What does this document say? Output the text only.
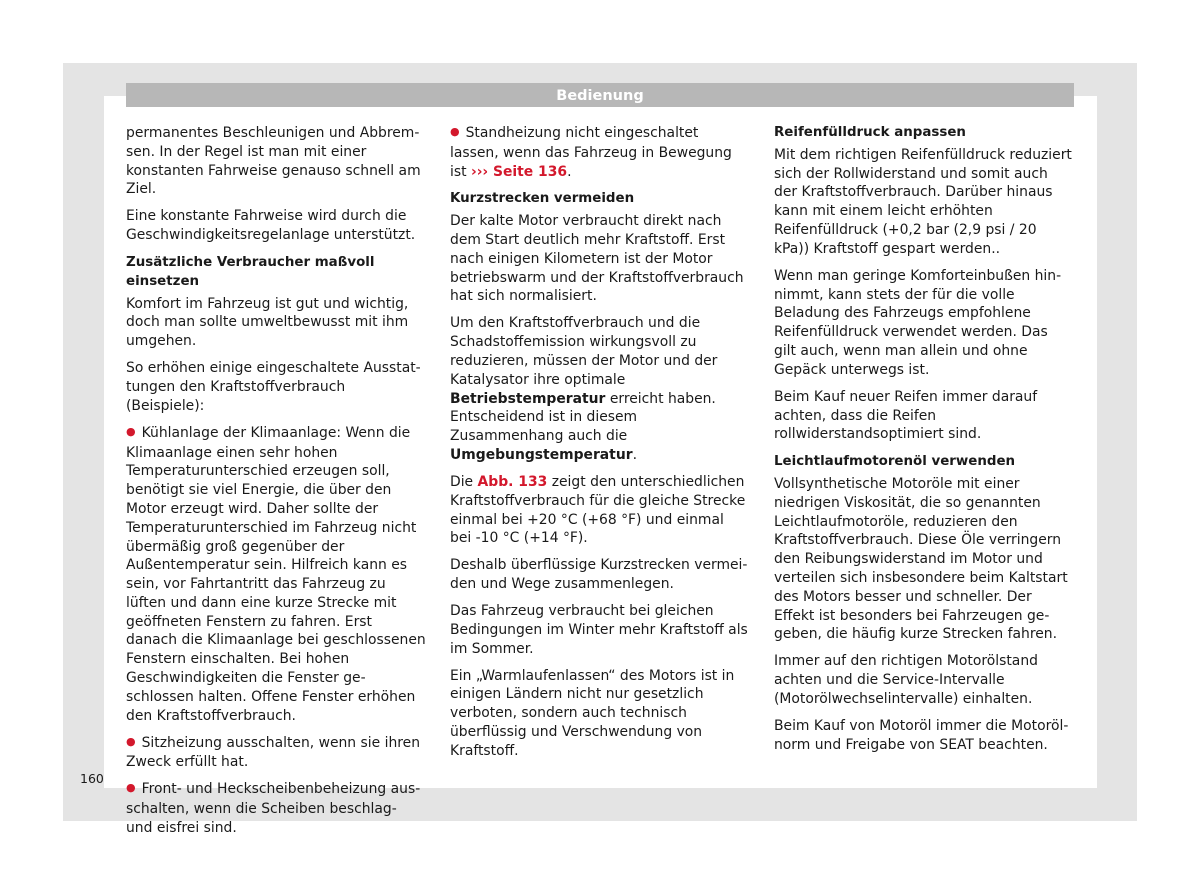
Bedienung

permanentes Beschleunigen und Abbremsen. In der Regel ist man mit einer konstanten Fahrweise genauso schnell am Ziel.

Eine konstante Fahrweise wird durch die Geschwindigkeitsregelanlage unterstützt.

Zusätzliche Verbraucher maßvoll einsetzen

Komfort im Fahrzeug ist gut und wichtig, doch man sollte umweltbewusst mit ihm umgehen.

So erhöhen einige eingeschaltete Ausstattungen den Kraftstoffverbrauch (Beispiele):

● Kühlanlage der Klimaanlage: Wenn die Klimaanlage einen sehr hohen Temperaturunterschied erzeugen soll, benötigt sie viel Energie, die über den Motor erzeugt wird. Daher sollte der Temperaturunterschied im Fahrzeug nicht übermäßig groß gegenüber der Außentemperatur sein. Hilfreich kann es sein, vor Fahrtantritt das Fahrzeug zu lüften und dann eine kurze Strecke mit geöffneten Fenstern zu fahren. Erst danach die Klimaanlage bei geschlossenen Fenstern einschalten. Bei hohen Geschwindigkeiten die Fenster geschlossen halten. Offene Fenster erhöhen den Kraftstoffverbrauch.

● Sitzheizung ausschalten, wenn sie ihren Zweck erfüllt hat.

● Front- und Heckscheibenbeheizung ausschalten, wenn die Scheiben beschlag- und eisfrei sind.

● Standheizung nicht eingeschaltet lassen, wenn das Fahrzeug in Bewegung ist ››› Seite 136.

Kurzstrecken vermeiden

Der kalte Motor verbraucht direkt nach dem Start deutlich mehr Kraftstoff. Erst nach einigen Kilometern ist der Motor betriebswarm und der Kraftstoffverbrauch hat sich normalisiert.

Um den Kraftstoffverbrauch und die Schadstoffemission wirkungsvoll zu reduzieren, müssen der Motor und der Katalysator ihre optimale Betriebstemperatur erreicht haben. Entscheidend ist in diesem Zusammenhang auch die Umgebungstemperatur.

Die Abb. 133 zeigt den unterschiedlichen Kraftstoffverbrauch für die gleiche Strecke einmal bei +20 °C (+68 °F) und einmal bei -10 °C (+14 °F).

Deshalb überflüssige Kurzstrecken vermeiden und Wege zusammenlegen.

Das Fahrzeug verbraucht bei gleichen Bedingungen im Winter mehr Kraftstoff als im Sommer.

Ein „Warmlaufenlassen“ des Motors ist in einigen Ländern nicht nur gesetzlich verboten, sondern auch technisch überflüssig und Verschwendung von Kraftstoff.

Reifenfülldruck anpassen

Mit dem richtigen Reifenfülldruck reduziert sich der Rollwiderstand und somit auch der Kraftstoffverbrauch. Darüber hinaus kann mit einem leicht erhöhten Reifenfülldruck (+0,2 bar (2,9 psi / 20 kPa)) Kraftstoff gespart werden..

Wenn man geringe Komforteinbußen hinnimmt, kann stets der für die volle Beladung des Fahrzeugs empfohlene Reifenfülldruck verwendet werden. Das gilt auch, wenn man allein und ohne Gepäck unterwegs ist.

Beim Kauf neuer Reifen immer darauf achten, dass die Reifen rollwiderstandsoptimiert sind.

Leichtlaufmotorenöl verwenden

Vollsynthetische Motoröle mit einer niedrigen Viskosität, die so genannten Leichtlaufmotoröle, reduzieren den Kraftstoffverbrauch. Diese Öle verringern den Reibungswiderstand im Motor und verteilen sich insbesondere beim Kaltstart des Motors besser und schneller. Der Effekt ist besonders bei Fahrzeugen gegeben, die häufig kurze Strecken fahren.

Immer auf den richtigen Motorölstand achten und die Service-Intervalle (Motorölwechselintervalle) einhalten.

Beim Kauf von Motoröl immer die Motorölnorm und Freigabe von SEAT beachten.

160
